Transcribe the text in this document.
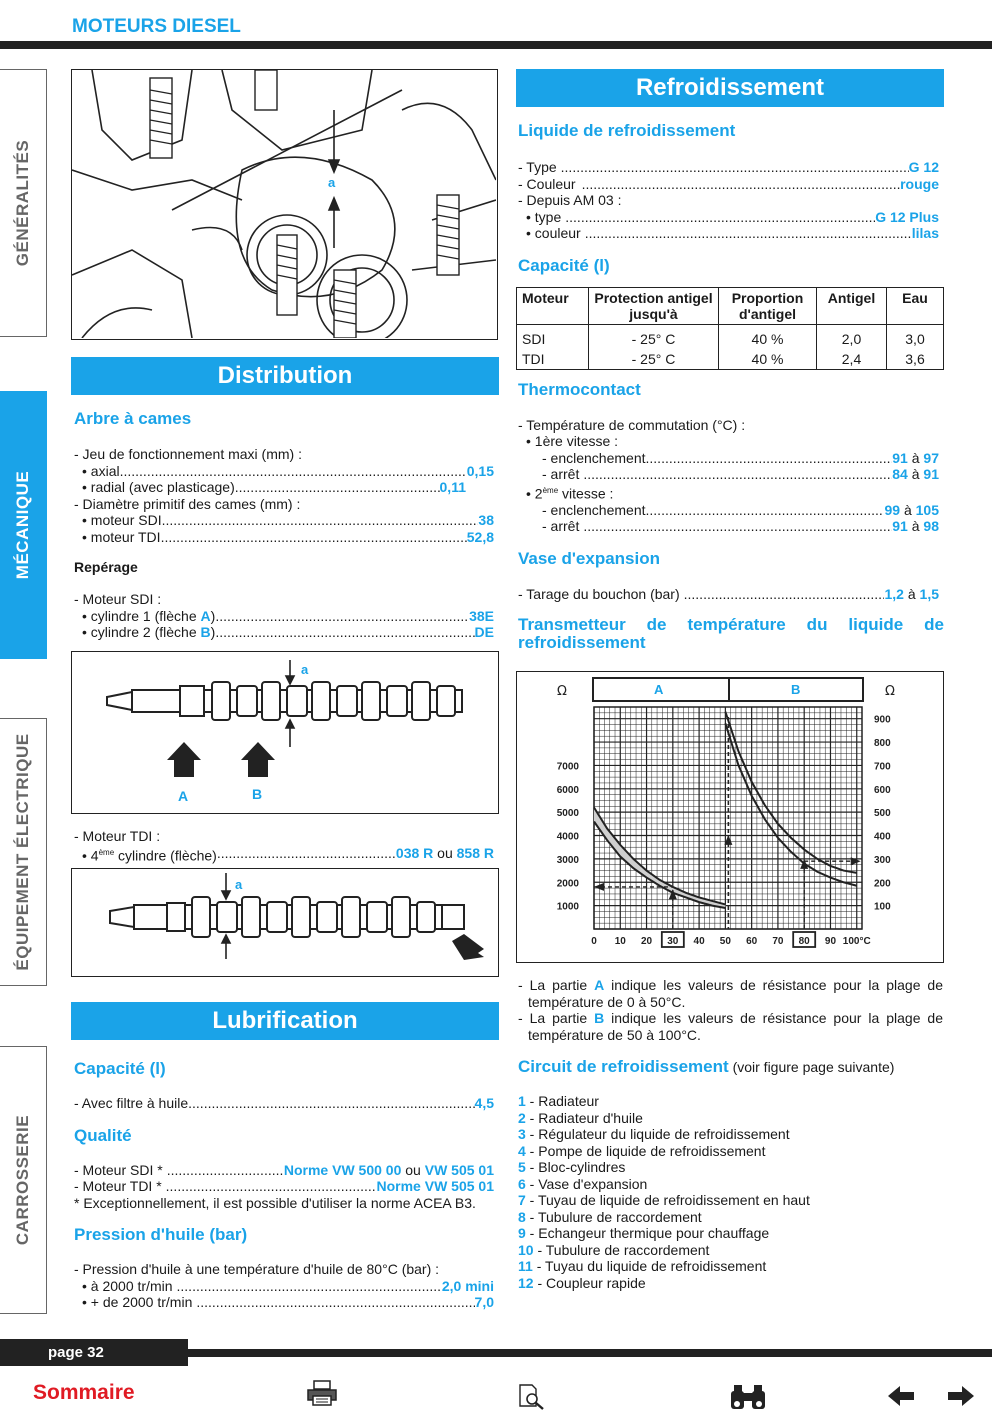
MOTEURS DIESEL
GÉNÉRALITÉS
MÉCANIQUE
ÉQUIPEMENT ÉLECTRIQUE
CARROSSERIE
a
Distribution
Arbre à cames
- Jeu de fonctionnement maxi (mm) :
• axial .....	0,15
• radial (avec plasticage) .....	0,11
- Diamètre primitif des cames (mm) :
• moteur SDI .....	38
• moteur TDI .....	52,8
Repérage
- Moteur SDI :
• cylindre 1 (flèche A) .....	38E
• cylindre 2 (flèche B) .....	DE
a
A	B
- Moteur TDI :
• 4ème cylindre (flèche) .....	038 R ou 858 R
a
Lubrification
Capacité (l)
- Avec filtre à huile .....	4,5
Qualité
- Moteur SDI * .....	Norme VW 500 00 ou VW 505 01
- Moteur TDI * .....	Norme VW 505 01
* Exceptionnellement, il est possible d'utiliser la norme ACEA B3.
Pression d'huile (bar)
- Pression d'huile à une température d'huile de 80°C (bar) :
• à 2000 tr/min .....	2,0 mini
• + de 2000 tr/min .....	7,0
Refroidissement
Liquide de refroidissement
- Type .....	G 12
- Couleur .....	rouge
- Depuis AM 03 :
• type .....	G 12 Plus
• couleur .....	lilas
Capacité (l)
Moteur	Protection antigel jusqu'à	Proportion d'antigel	Antigel	Eau
SDI	- 25° C	40 %	2,0	3,0
TDI	- 25° C	40 %	2,4	3,6
Thermocontact
- Température de commutation (°C) :
• 1ère vitesse :
- enclenchement .....	91 à 97
- arrêt .....	84 à 91
• 2ème vitesse :
- enclenchement .....	99 à 105
- arrêt .....	91 à 98
Vase d'expansion
- Tarage du bouchon (bar) .....	1,2 à 1,5
Transmetteur de température du liquide de refroidissement
A	B
Ω	Ω
1000
2000
3000
4000
5000
6000
7000
100
200
300
400
500
600
700
800
900
0 10 20 30 40 50 60 70 80 90 100°C
- La partie A indique les valeurs de résistance pour la plage de température de 0 à 50°C.
- La partie B indique les valeurs de résistance pour la plage de température de 50 à 100°C.
Circuit de refroidissement (voir figure page suivante)
1 - Radiateur
2 - Radiateur d'huile
3 - Régulateur du liquide de refroidissement
4 - Pompe de liquide de refroidissement
5 - Bloc-cylindres
6 - Vase d'expansion
7 - Tuyau de liquide de refroidissement en haut
8 - Tubulure de raccordement
9 - Echangeur thermique pour chauffage
10 - Tubulure de raccordement
11 - Tuyau du liquide de refroidissement
12 - Coupleur rapide
page 32
Sommaire
